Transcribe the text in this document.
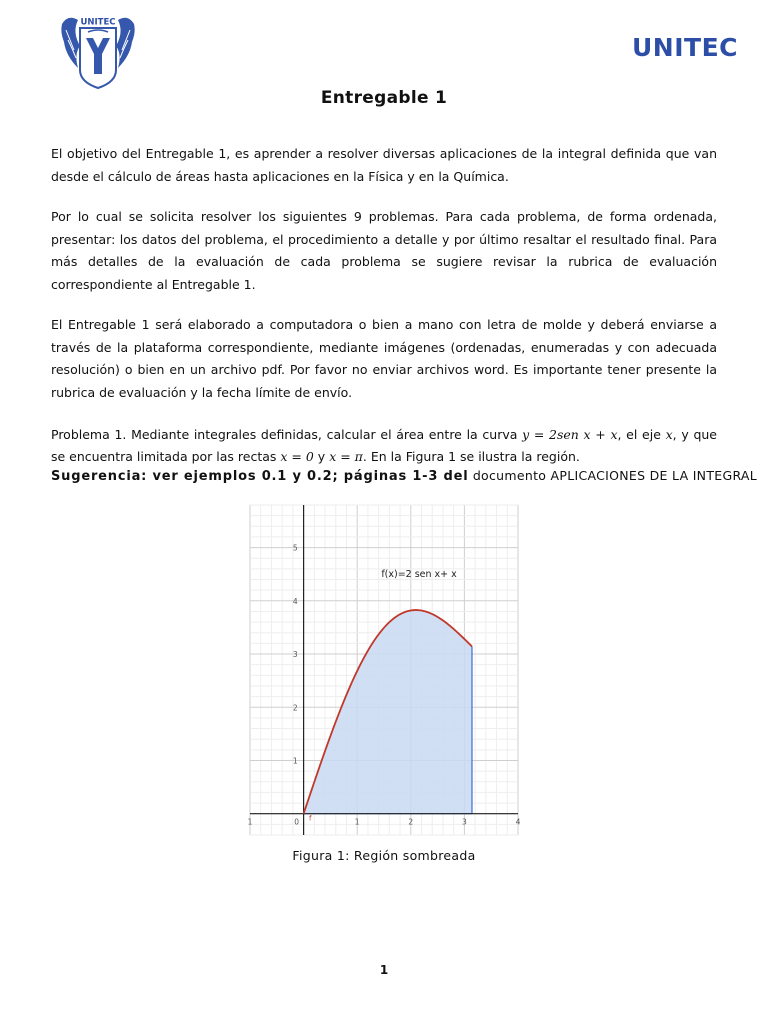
UNITEC
UNITEC
Entregable 1

El objetivo del Entregable 1, es aprender a resolver diversas aplicaciones de la integral definida que van desde el cálculo de áreas hasta aplicaciones en la Física y en la Química.

Por lo cual se solicita resolver los siguientes 9 problemas. Para cada problema, de forma ordenada, presentar: los datos del problema, el procedimiento a detalle y por último resaltar el resultado final. Para más detalles de la evaluación de cada problema se sugiere revisar la rubrica de evaluación correspondiente al Entregable 1.

El Entregable 1 será elaborado a computadora o bien a mano con letra de molde y deberá enviarse a través de la plataforma correspondiente, mediante imágenes (ordenadas, enumeradas y con adecuada resolución) o bien en un archivo pdf. Por favor no enviar archivos word. Es importante tener presente la rubrica de evaluación y la fecha límite de envío.

Problema 1. Mediante integrales definidas, calcular el área entre la curva y = 2sen x + x, el eje x, y que se encuentra limitada por las rectas x = 0 y x = π. En la Figura 1 se ilustra la región.

Sugerencia: ver ejemplos 0.1 y 0.2; páginas 1-3 del documento APLICACIONES DE LA INTEGRAL
1	0	1	2	3	4
1
2
3
4
5
f(x)=2 sen x+ x
f
Figura 1: Región sombreada
1
